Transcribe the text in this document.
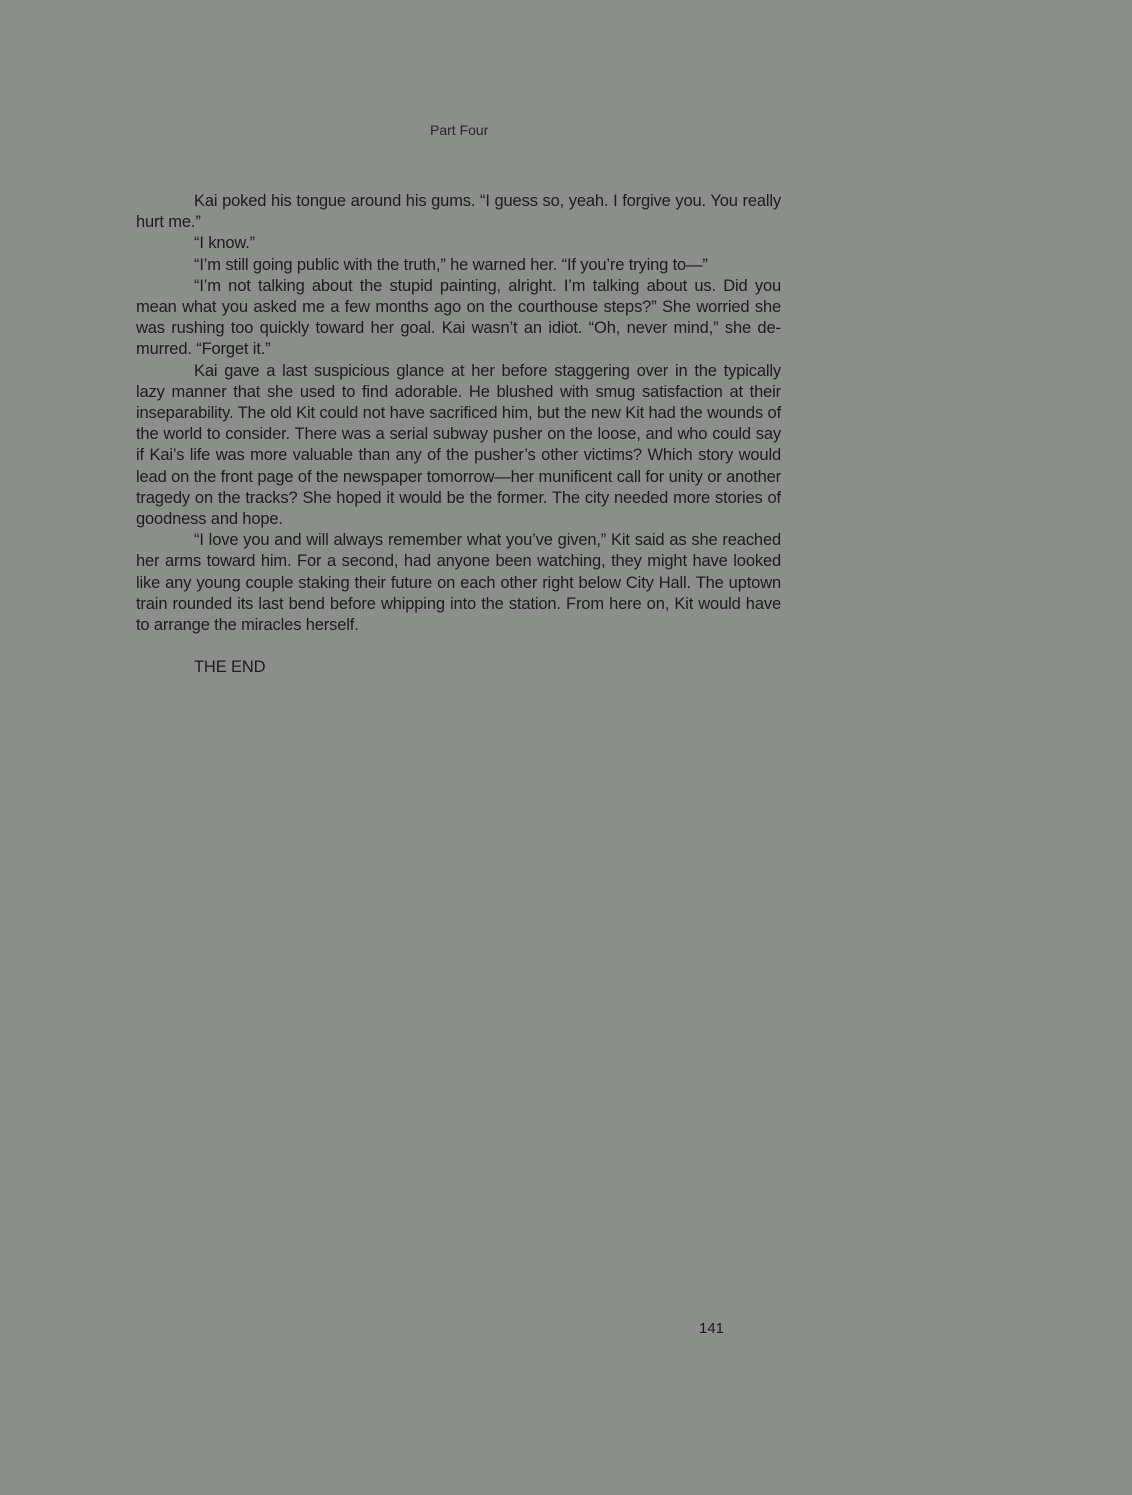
Part Four

Kai poked his tongue around his gums. “I guess so, yeah. I forgive you. You really hurt me.”

“I know.”

“I’m still going public with the truth,” he warned her. “If you’re trying to—”

“I’m not talking about the stupid painting, alright. I’m talking about us. Did you mean what you asked me a few months ago on the courthouse steps?” She worried she was rushing too quickly toward her goal. Kai wasn’t an idiot. “Oh, never mind,” she demurred. “Forget it.”

Kai gave a last suspicious glance at her before staggering over in the typically lazy manner that she used to find adorable. He blushed with smug satisfaction at their inseparability. The old Kit could not have sacrificed him, but the new Kit had the wounds of the world to consider. There was a serial subway pusher on the loose, and who could say if Kai’s life was more valuable than any of the pusher’s other victims? Which story would lead on the front page of the newspaper tomorrow—her munificent call for unity or another tragedy on the tracks? She hoped it would be the former. The city needed more stories of goodness and hope.

“I love you and will always remember what you’ve given,” Kit said as she reached her arms toward him. For a second, had anyone been watching, they might have looked like any young couple staking their future on each other right below City Hall. The uptown train rounded its last bend before whipping into the station. From here on, Kit would have to arrange the miracles herself.

THE END
141
